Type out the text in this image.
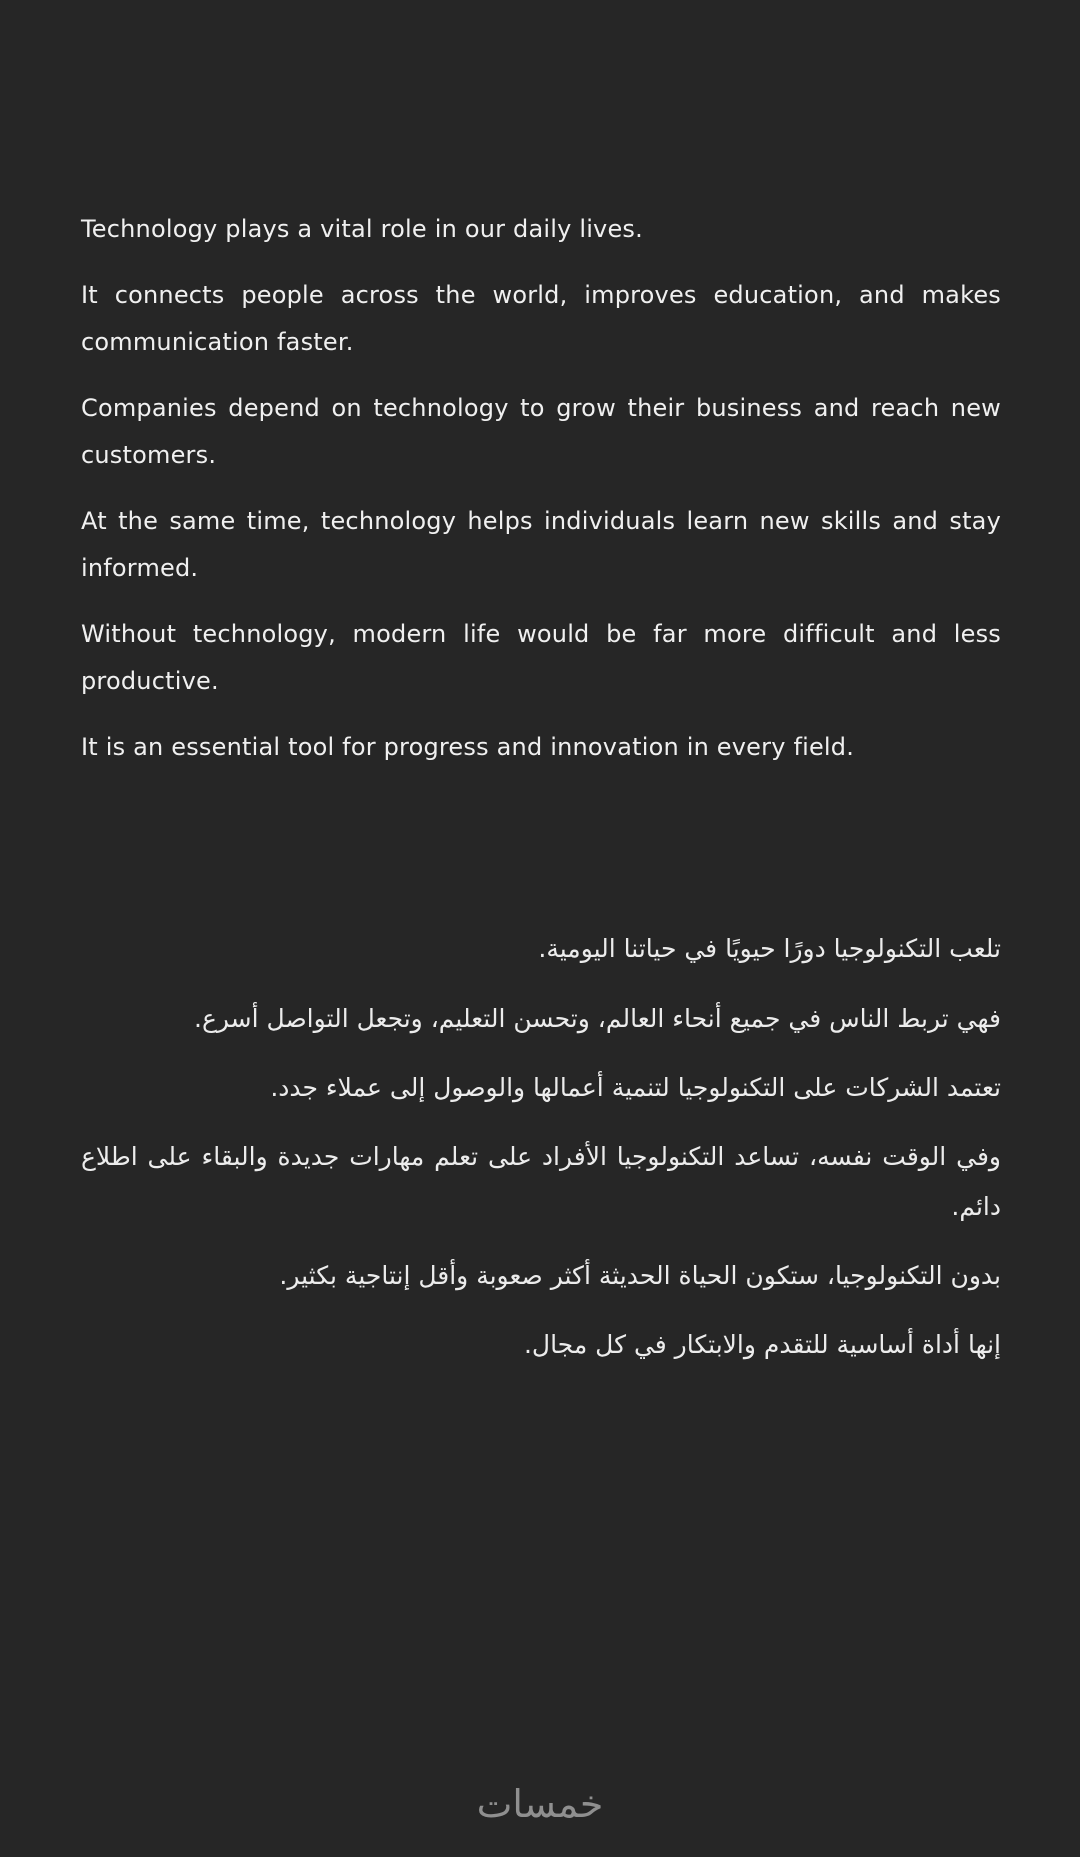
Technology plays a vital role in our daily lives.

It connects people across the world, improves education, and makes communication faster.

Companies depend on technology to grow their business and reach new customers.

At the same time, technology helps individuals learn new skills and stay informed.

Without technology, modern life would be far more difficult and less productive.

It is an essential tool for progress and innovation in every field.

تلعب التكنولوجيا دورًا حيويًا في حياتنا اليومية.

فهي تربط الناس في جميع أنحاء العالم، وتحسن التعليم، وتجعل التواصل أسرع.

تعتمد الشركات على التكنولوجيا لتنمية أعمالها والوصول إلى عملاء جدد.

وفي الوقت نفسه، تساعد التكنولوجيا الأفراد على تعلم مهارات جديدة والبقاء على اطلاع دائم.

بدون التكنولوجيا، ستكون الحياة الحديثة أكثر صعوبة وأقل إنتاجية بكثير.

إنها أداة أساسية للتقدم والابتكار في كل مجال.

خمسات
